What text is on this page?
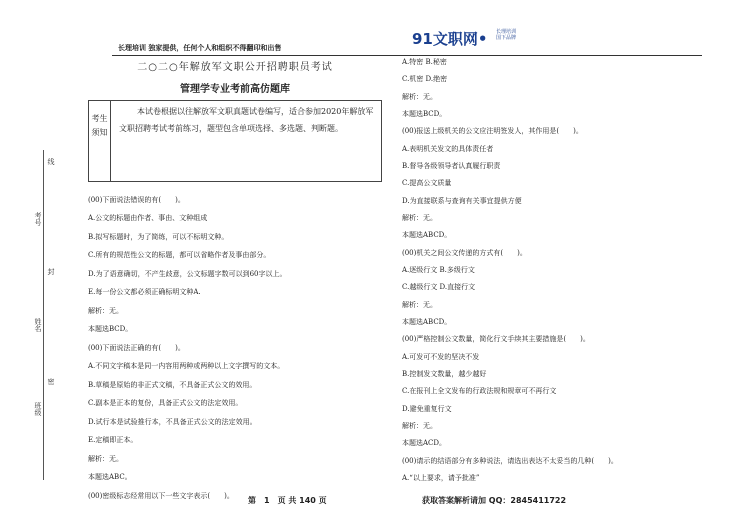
长理培训 独家提供，任何个人和组织不得翻印和出售	91文职网• 长理培训 国下品牌
二○二○年解放军文职公开招聘职员考试
管理学专业考前高仿题库
考生须知
本试卷根据以往解放军文职真题试卷编写，适合参加2020年解放军文职招聘考试考前练习，题型包含单项选择、多选题、判断题。
考号
姓名
班级
线
封
密
(00)下面说法错误的有(　　)。
A.公文的标题由作者、事由、文种组成
B.拟写标题时，为了简练，可以不标明文种。
C.所有的规范性公文的标题，都可以省略作者及事由部分。
D.为了语意确切，不产生歧意，公文标题字数可以到60字以上。
E.每一份公文都必须正确标明文种A.
解析：无。
本题选BCD。
(00)下面说法正确的有(　　)。
A.不同文字稿本是同一内容用两种或两种以上文字撰写的文本。
B.草稿是原始的非正式文稿，不具备正式公文的效用。
C.副本是正本的复份，具备正式公文的法定效用。
D.试行本是试验推行本，不具备正式公文的法定效用。
E.定稿即正本。
解析：无。
本题选ABC。
(00)密级标志经常用以下一些文字表示(　　)。
A.特密 B.秘密
C.机密 D.绝密
解析：无。
本题选BCD。
(00)报送上级机关的公文应注明签发人，其作用是(　　)。
A.表明机关发文的具体责任者
B.督导各级领导者认真履行职责
C.提高公文质量
D.为直接联系与查询有关事宜提供方便
解析：无。
本题选ABCD。
(00)机关之间公文传递的方式有(　　)。
A.逐级行文 B.多级行文
C.越级行文 D.直接行文
解析：无。
本题选ABCD。
(00)严格控制公文数量，简化行文手续其主要措施是(　　)。
A.可发可不发的坚决不发
B.控制发文数量，越少越好
C.在报刊上全文发布的行政法规和规章可不再行文
D.避免重复行文
解析：无。
本题选ACD。
(00)请示的结语部分有多种说法，请选出表达不太妥当的几种(　　)。
A.“以上要求，请予批准”
第　1　页 共 140 页	获取答案解析请加 QQ：2845411722
